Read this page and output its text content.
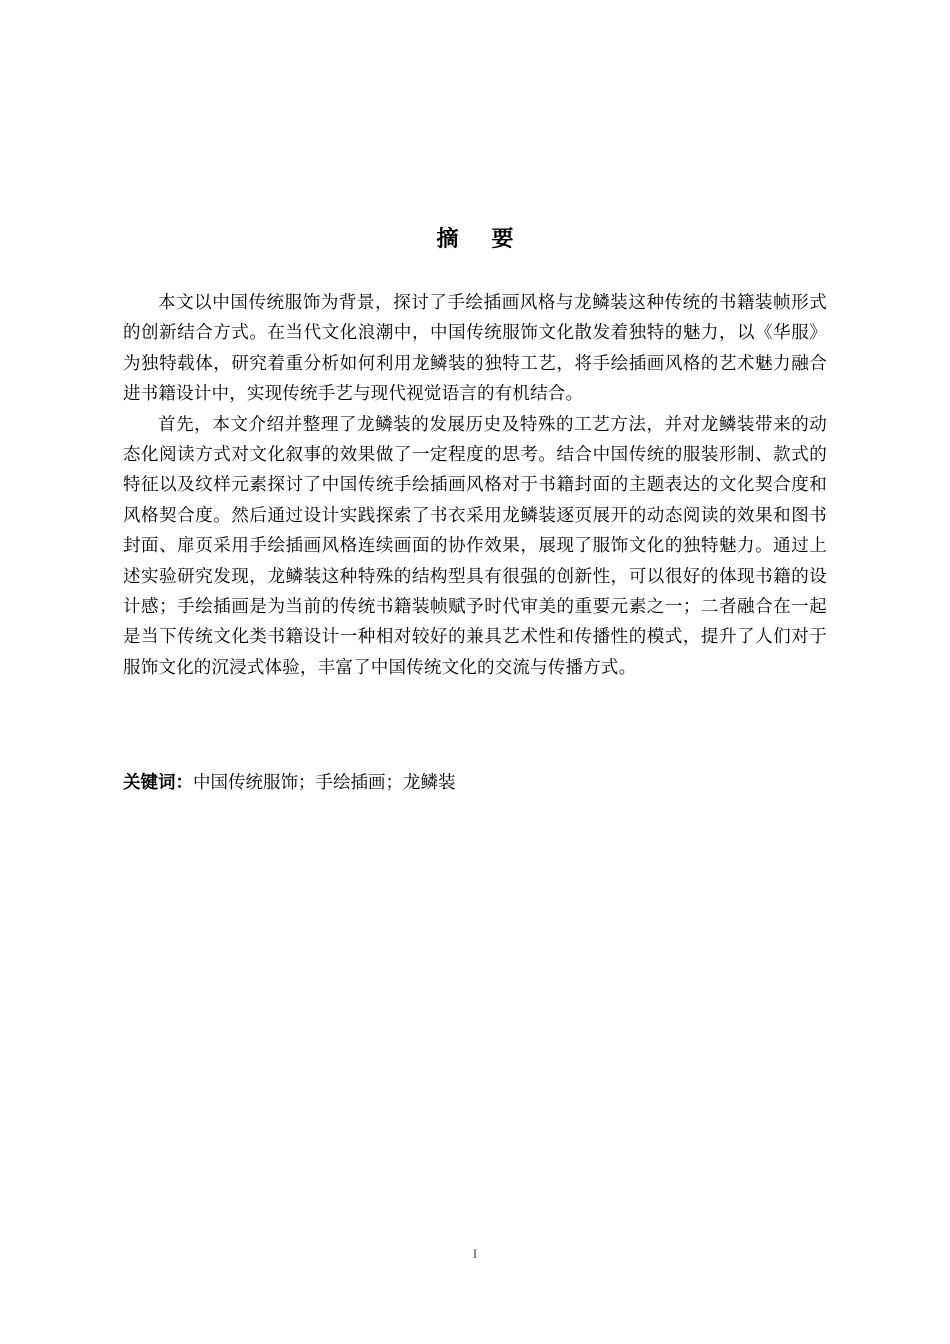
摘要

本文以中国传统服饰为背景，探讨了手绘插画风格与龙鳞装这种传统的书籍装帧形式的创新结合方式。在当代文化浪潮中，中国传统服饰文化散发着独特的魅力，以《华服》为独特载体，研究着重分析如何利用龙鳞装的独特工艺，将手绘插画风格的艺术魅力融合进书籍设计中，实现传统手艺与现代视觉语言的有机结合。

首先，本文介绍并整理了龙鳞装的发展历史及特殊的工艺方法，并对龙鳞装带来的动态化阅读方式对文化叙事的效果做了一定程度的思考。结合中国传统的服装形制、款式的特征以及纹样元素探讨了中国传统手绘插画风格对于书籍封面的主题表达的文化契合度和风格契合度。然后通过设计实践探索了书衣采用龙鳞装逐页展开的动态阅读的效果和图书封面、扉页采用手绘插画风格连续画面的协作效果，展现了服饰文化的独特魅力。通过上述实验研究发现，龙鳞装这种特殊的结构型具有很强的创新性，可以很好的体现书籍的设计感；手绘插画是为当前的传统书籍装帧赋予时代审美的重要元素之一；二者融合在一起是当下传统文化类书籍设计一种相对较好的兼具艺术性和传播性的模式，提升了人们对于服饰文化的沉浸式体验，丰富了中国传统文化的交流与传播方式。

关键词：中国传统服饰；手绘插画；龙鳞装
I
